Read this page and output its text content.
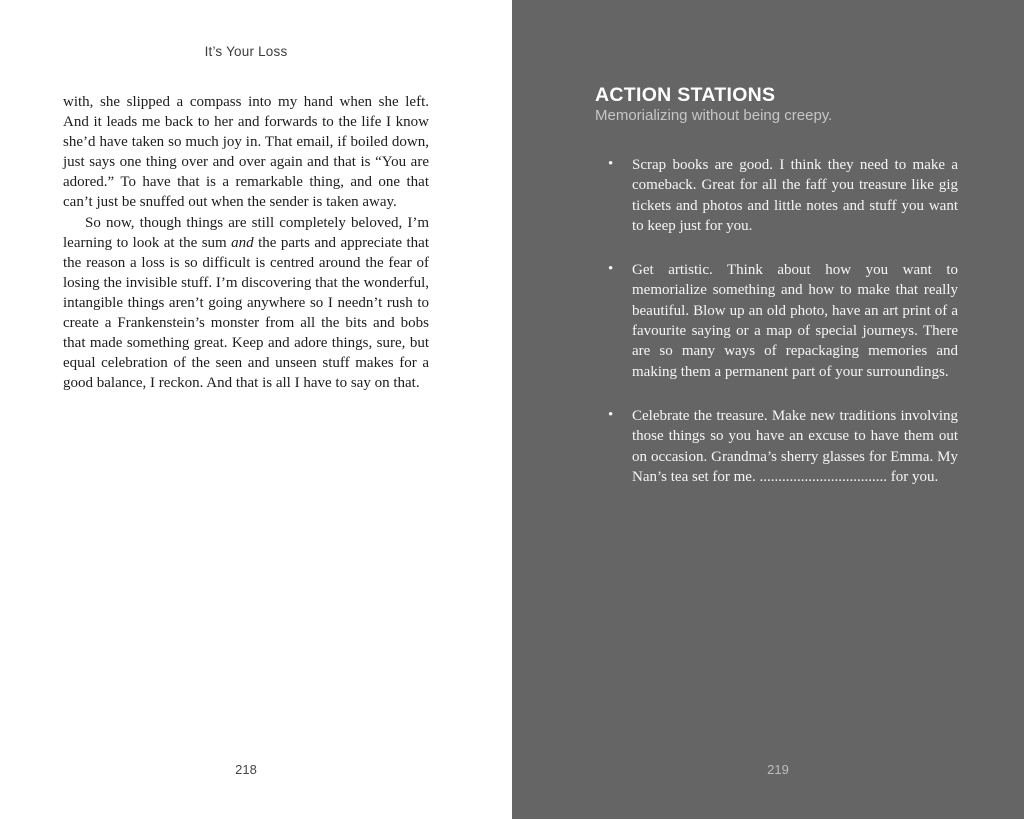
It’s Your Loss

with, she slipped a compass into my hand when she left. And it leads me back to her and forwards to the life I know she’d have taken so much joy in. That email, if boiled down, just says one thing over and over again and that is “You are adored.” To have that is a remarkable thing, and one that can’t just be snuffed out when the sender is taken away.

So now, though things are still completely beloved, I’m learning to look at the sum and the parts and appreciate that the reason a loss is so difficult is centred around the fear of losing the invisible stuff. I’m discovering that the wonderful, intangible things aren’t going anywhere so I needn’t rush to create a Frankenstein’s monster from all the bits and bobs that made something great. Keep and adore things, sure, but equal celebration of the seen and unseen stuff makes for a good balance, I reckon. And that is all I have to say on that.

218
ACTION STATIONS

Memorializing without being creepy.

• Scrap books are good. I think they need to make a comeback. Great for all the faff you treasure like gig tickets and photos and little notes and stuff you want to keep just for you.
• Get artistic. Think about how you want to memorialize something and how to make that really beautiful. Blow up an old photo, have an art print of a favourite saying or a map of special journeys. There are so many ways of repackaging memories and making them a permanent part of your surroundings.
• Celebrate the treasure. Make new traditions involving those things so you have an excuse to have them out on occasion. Grandma’s sherry glasses for Emma. My Nan’s tea set for me. .................................. for you.
219
